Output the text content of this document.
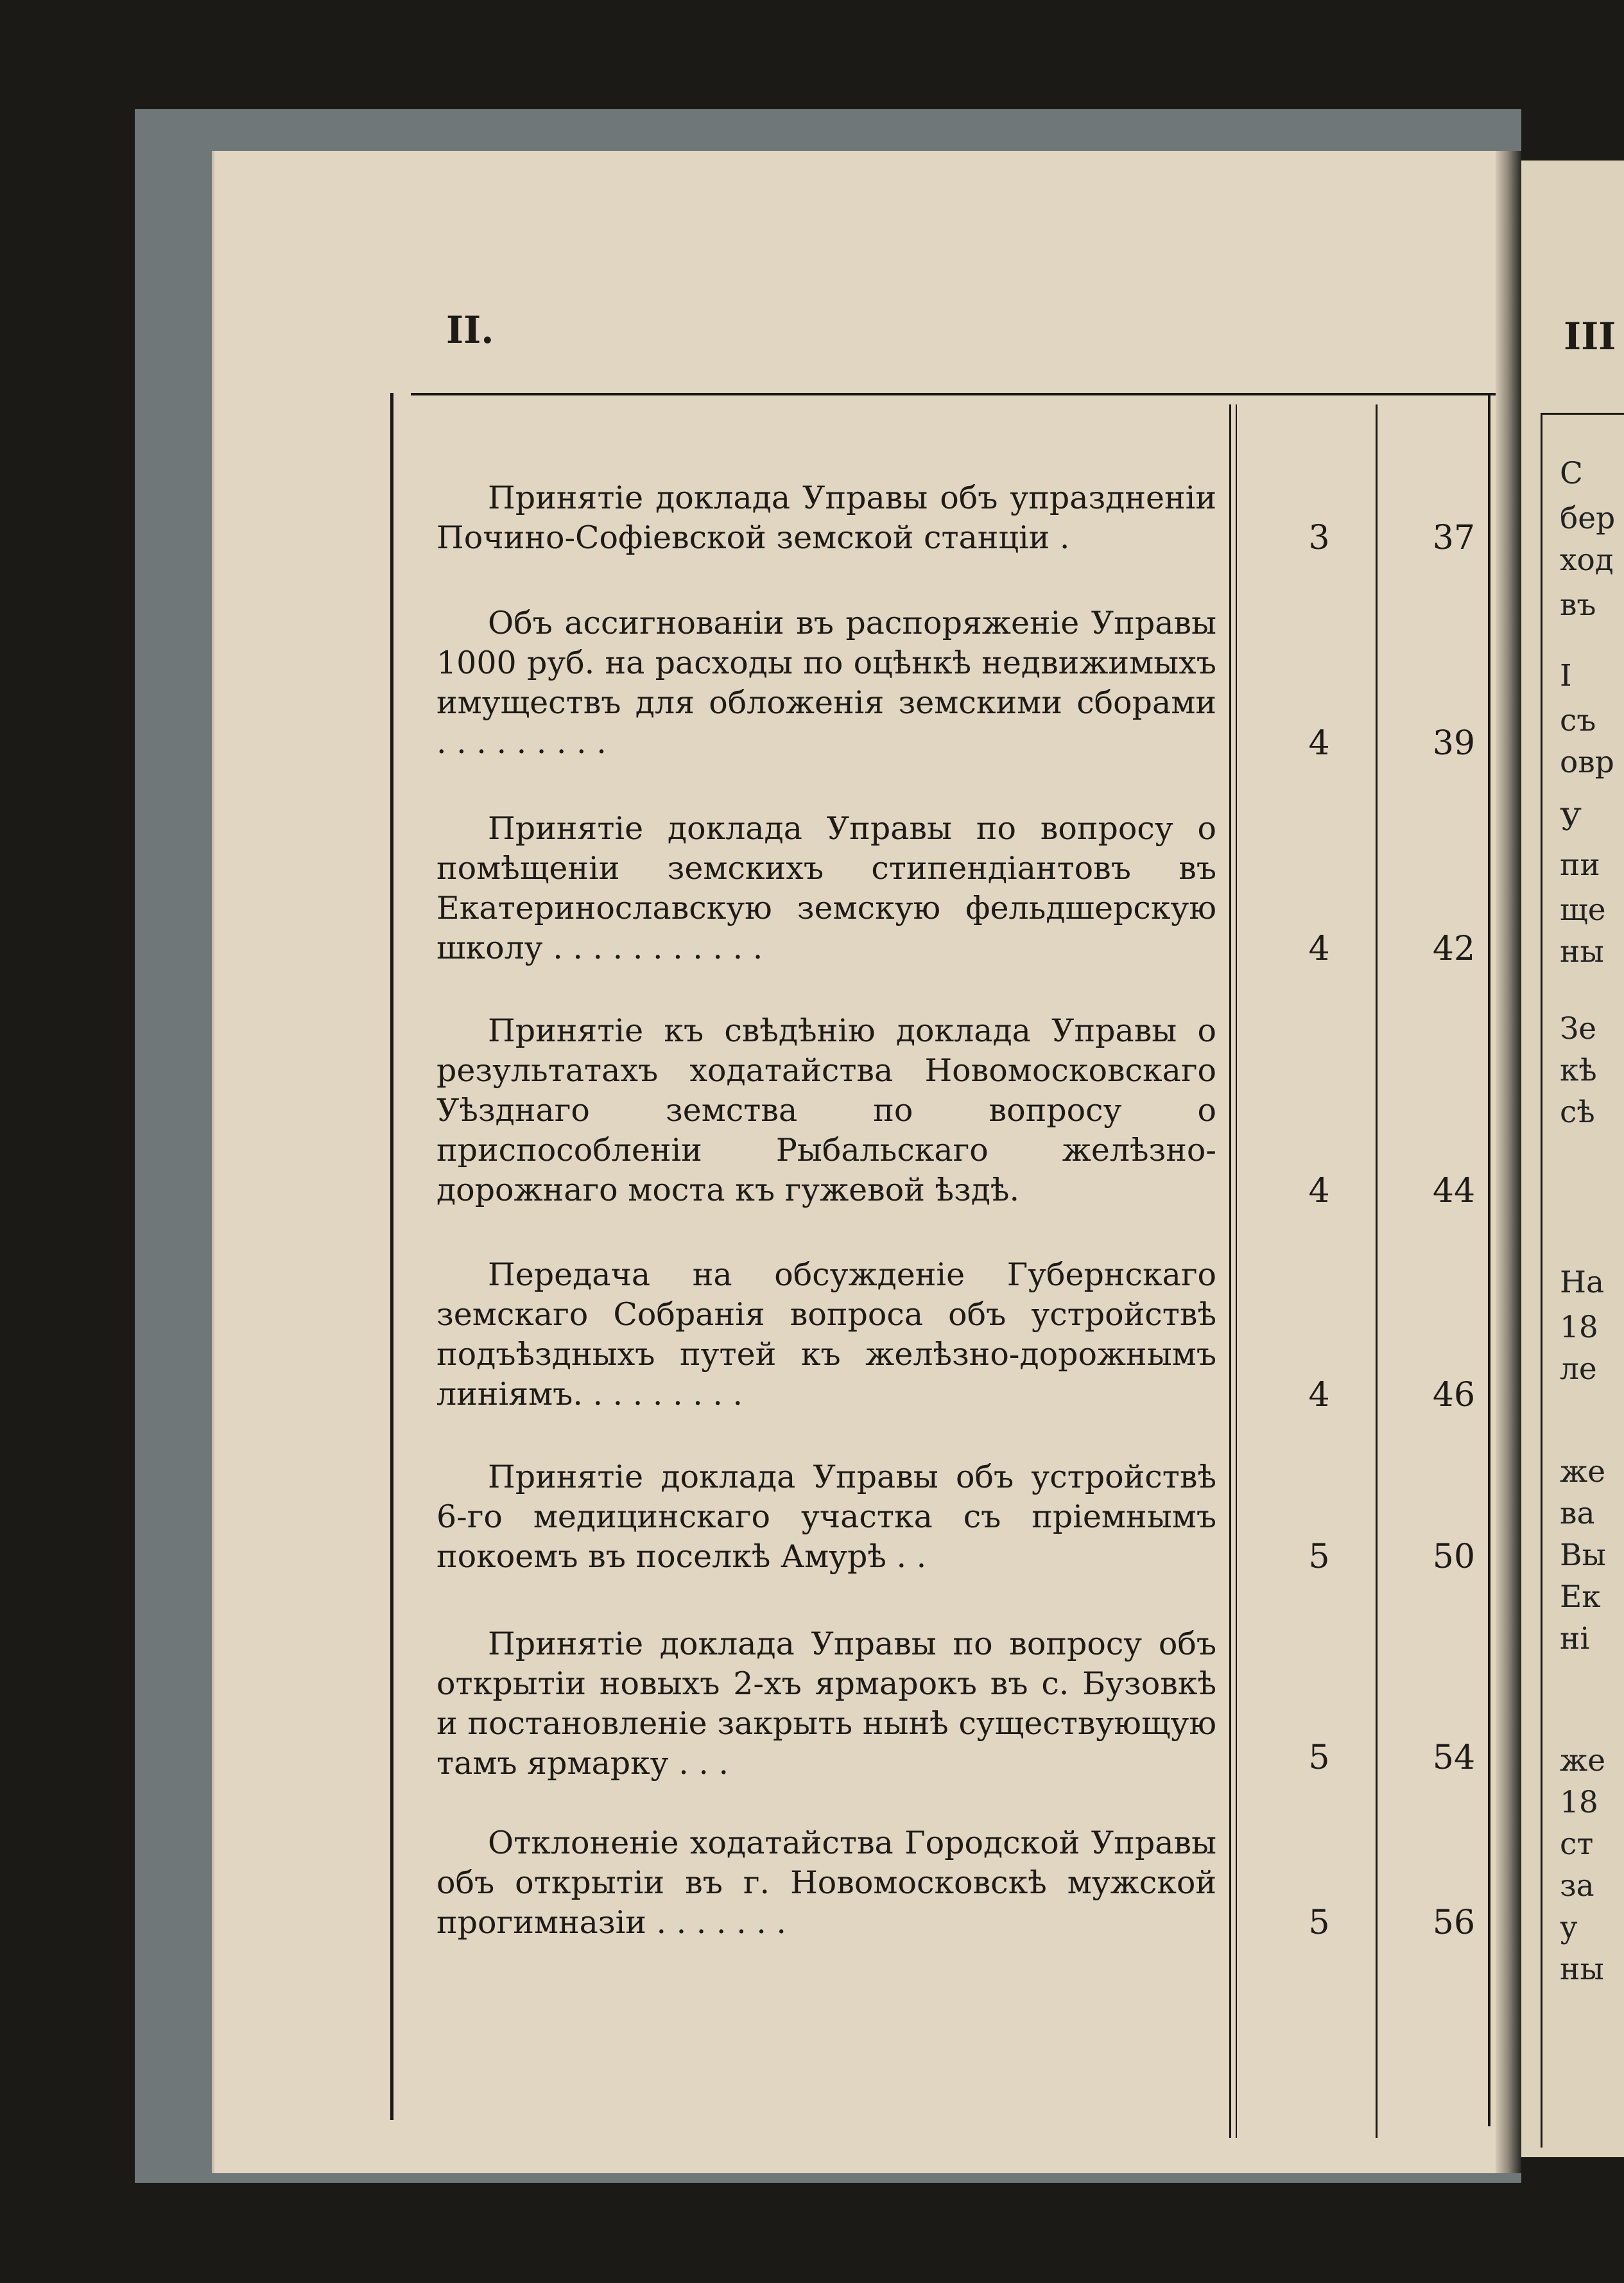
II.
Принятіе доклада Управы объ упраздненіи Почино-Софіевской земской станціи .	3	37
Объ ассигнованіи въ распоряженіе Управы 1000 руб. на расходы по оцѣнкѣ недвижимыхъ имуществъ для обложенія земскими сборами . . . . . . . . .	4	39
Принятіе доклада Управы по вопросу о помѣщеніи земскихъ стипендіантовъ въ Екатеринославскую земскую фельдшерскую школу . . . . . . . . . . .	4	42
Принятіе къ свѣдѣнію доклада Управы о результатахъ ходатайства Новомосковскаго Уѣзднаго земства по вопросу о приспособленіи Рыбальскаго желѣзно-дорожнаго моста къ гужевой ѣздѣ.	4	44
Передача на обсужденіе Губернскаго земскаго Собранія вопроса объ устройствѣ подъѣздныхъ путей къ желѣзно-дорожнымъ линіямъ. . . . . . . . .	4	46
Принятіе доклада Управы объ устройствѣ 6-го медицинскаго участка съ пріемнымъ покоемъ въ поселкѣ Амурѣ . .	5	50
Принятіе доклада Управы по вопросу объ открытіи новыхъ 2-хъ ярмарокъ въ с. Бузовкѣ и постановленіе закрыть нынѣ существующую тамъ ярмарку . . .	5	54
Отклоненіе ходатайства Городской Управы объ открытіи въ г. Новомосковскѣ мужской прогимназіи . . . . . . .	5	56
III
С
бер
ход
въ
I
съ
овр
У
пи
ще
ны
Зе
кѣ
сѣ
На
18
ле
же
ва
Вы
Ек
ні
же
18
ст
за
у
ны
